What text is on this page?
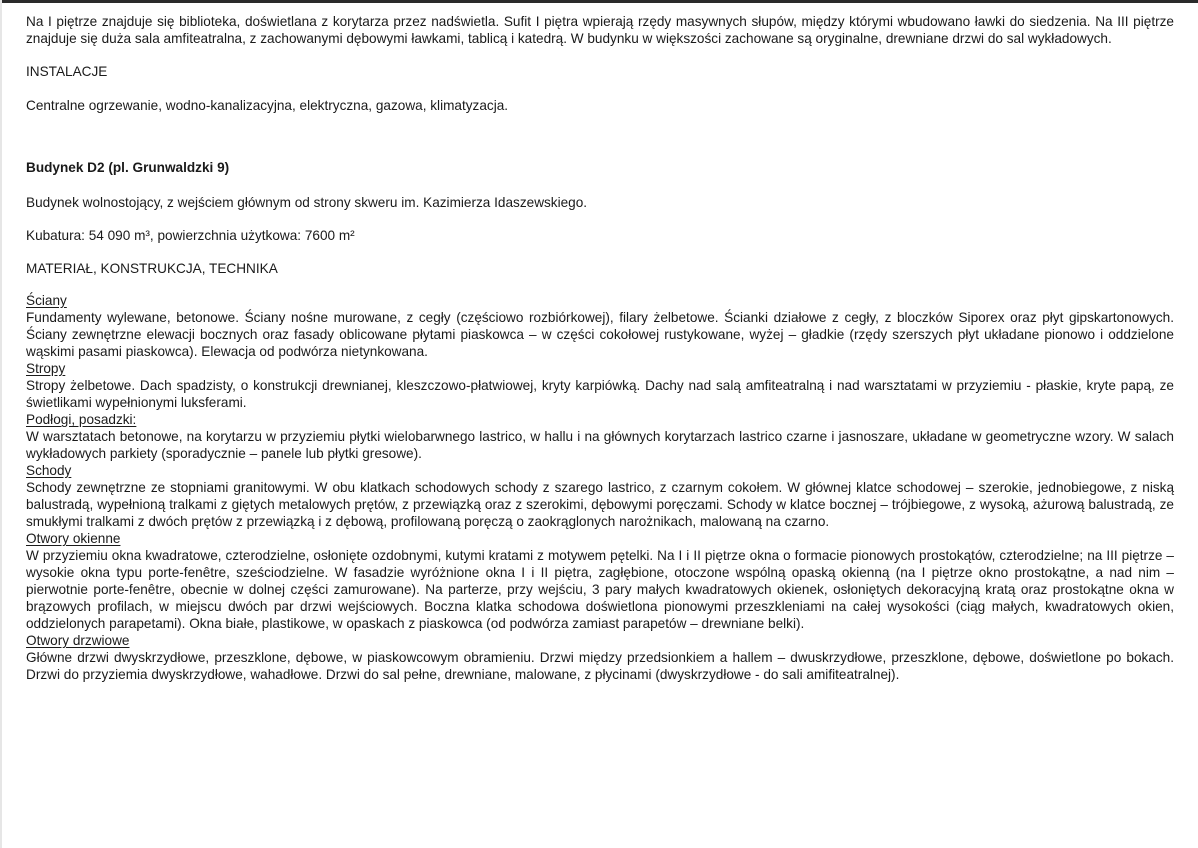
Na I piętrze znajduje się biblioteka, doświetlana z korytarza przez nadświetla. Sufit I piętra wpierają rzędy masywnych słupów, między którymi wbudowano ławki do siedzenia. Na III piętrze znajduje się duża sala amfiteatralna, z zachowanymi dębowymi ławkami, tablicą i katedrą. W budynku w większości zachowane są oryginalne, drewniane drzwi do sal wykładowych.

INSTALACJE

Centralne ogrzewanie, wodno-kanalizacyjna, elektryczna, gazowa, klimatyzacja.

Budynek D2 (pl. Grunwaldzki 9)

Budynek wolnostojący, z wejściem głównym od strony skweru im. Kazimierza Idaszewskiego.

Kubatura: 54 090 m³, powierzchnia użytkowa: 7600 m²

MATERIAŁ, KONSTRUKCJA, TECHNIKA

Ściany

Fundamenty wylewane, betonowe. Ściany nośne murowane, z cegły (częściowo rozbiórkowej), filary żelbetowe. Ścianki działowe z cegły, z bloczków Siporex oraz płyt gipskartonowych. Ściany zewnętrzne elewacji bocznych oraz fasady oblicowane płytami piaskowca – w części cokołowej rustykowane, wyżej – gładkie (rzędy szerszych płyt układane pionowo i oddzielone wąskimi pasami piaskowca). Elewacja od podwórza nietynkowana.

Stropy

Stropy żelbetowe. Dach spadzisty, o konstrukcji drewnianej, kleszczowo-płatwiowej, kryty karpiówką. Dachy nad salą amfiteatralną i nad warsztatami w przyziemiu - płaskie, kryte papą, ze świetlikami wypełnionymi luksferami.

Podłogi, posadzki:

W warsztatach betonowe, na korytarzu w przyziemiu płytki wielobarwnego lastrico, w hallu i na głównych korytarzach lastrico czarne i jasnoszare, układane w geometryczne wzory. W salach wykładowych parkiety (sporadycznie – panele lub płytki gresowe).

Schody

Schody zewnętrzne ze stopniami granitowymi. W obu klatkach schodowych schody z szarego lastrico, z czarnym cokołem. W głównej klatce schodowej – szerokie, jednobiegowe, z niską balustradą, wypełnioną tralkami z giętych metalowych prętów, z przewiązką oraz z szerokimi, dębowymi poręczami. Schody w klatce bocznej – trójbiegowe, z wysoką, ażurową balustradą, ze smukłymi tralkami z dwóch prętów z przewiązką i z dębową, profilowaną poręczą o zaokrąglonych narożnikach, malowaną na czarno.

Otwory okienne

W przyziemiu okna kwadratowe, czterodzielne, osłonięte ozdobnymi, kutymi kratami z motywem pętelki. Na I i II piętrze okna o formacie pionowych prostokątów, czterodzielne; na III piętrze – wysokie okna typu porte-fenêtre, sześciodzielne. W fasadzie wyróżnione okna I i II piętra, zagłębione, otoczone wspólną opaską okienną (na I piętrze okno prostokątne, a nad nim – pierwotnie porte-fenêtre, obecnie w dolnej części zamurowane). Na parterze, przy wejściu, 3 pary małych kwadratowych okienek, osłoniętych dekoracyjną kratą oraz prostokątne okna w brązowych profilach, w miejscu dwóch par drzwi wejściowych. Boczna klatka schodowa doświetlona pionowymi przeszkleniami na całej wysokości (ciąg małych, kwadratowych okien, oddzielonych parapetami). Okna białe, plastikowe, w opaskach z piaskowca (od podwórza zamiast parapetów – drewniane belki).

Otwory drzwiowe

Główne drzwi dwyskrzydłowe, przeszklone, dębowe, w piaskowcowym obramieniu. Drzwi między przedsionkiem a hallem – dwuskrzydłowe, przeszklone, dębowe, doświetlone po bokach. Drzwi do przyziemia dwyskrzydłowe, wahadłowe. Drzwi do sal pełne, drewniane, malowane, z płycinami (dwyskrzydłowe - do sali amifiteatralnej).
